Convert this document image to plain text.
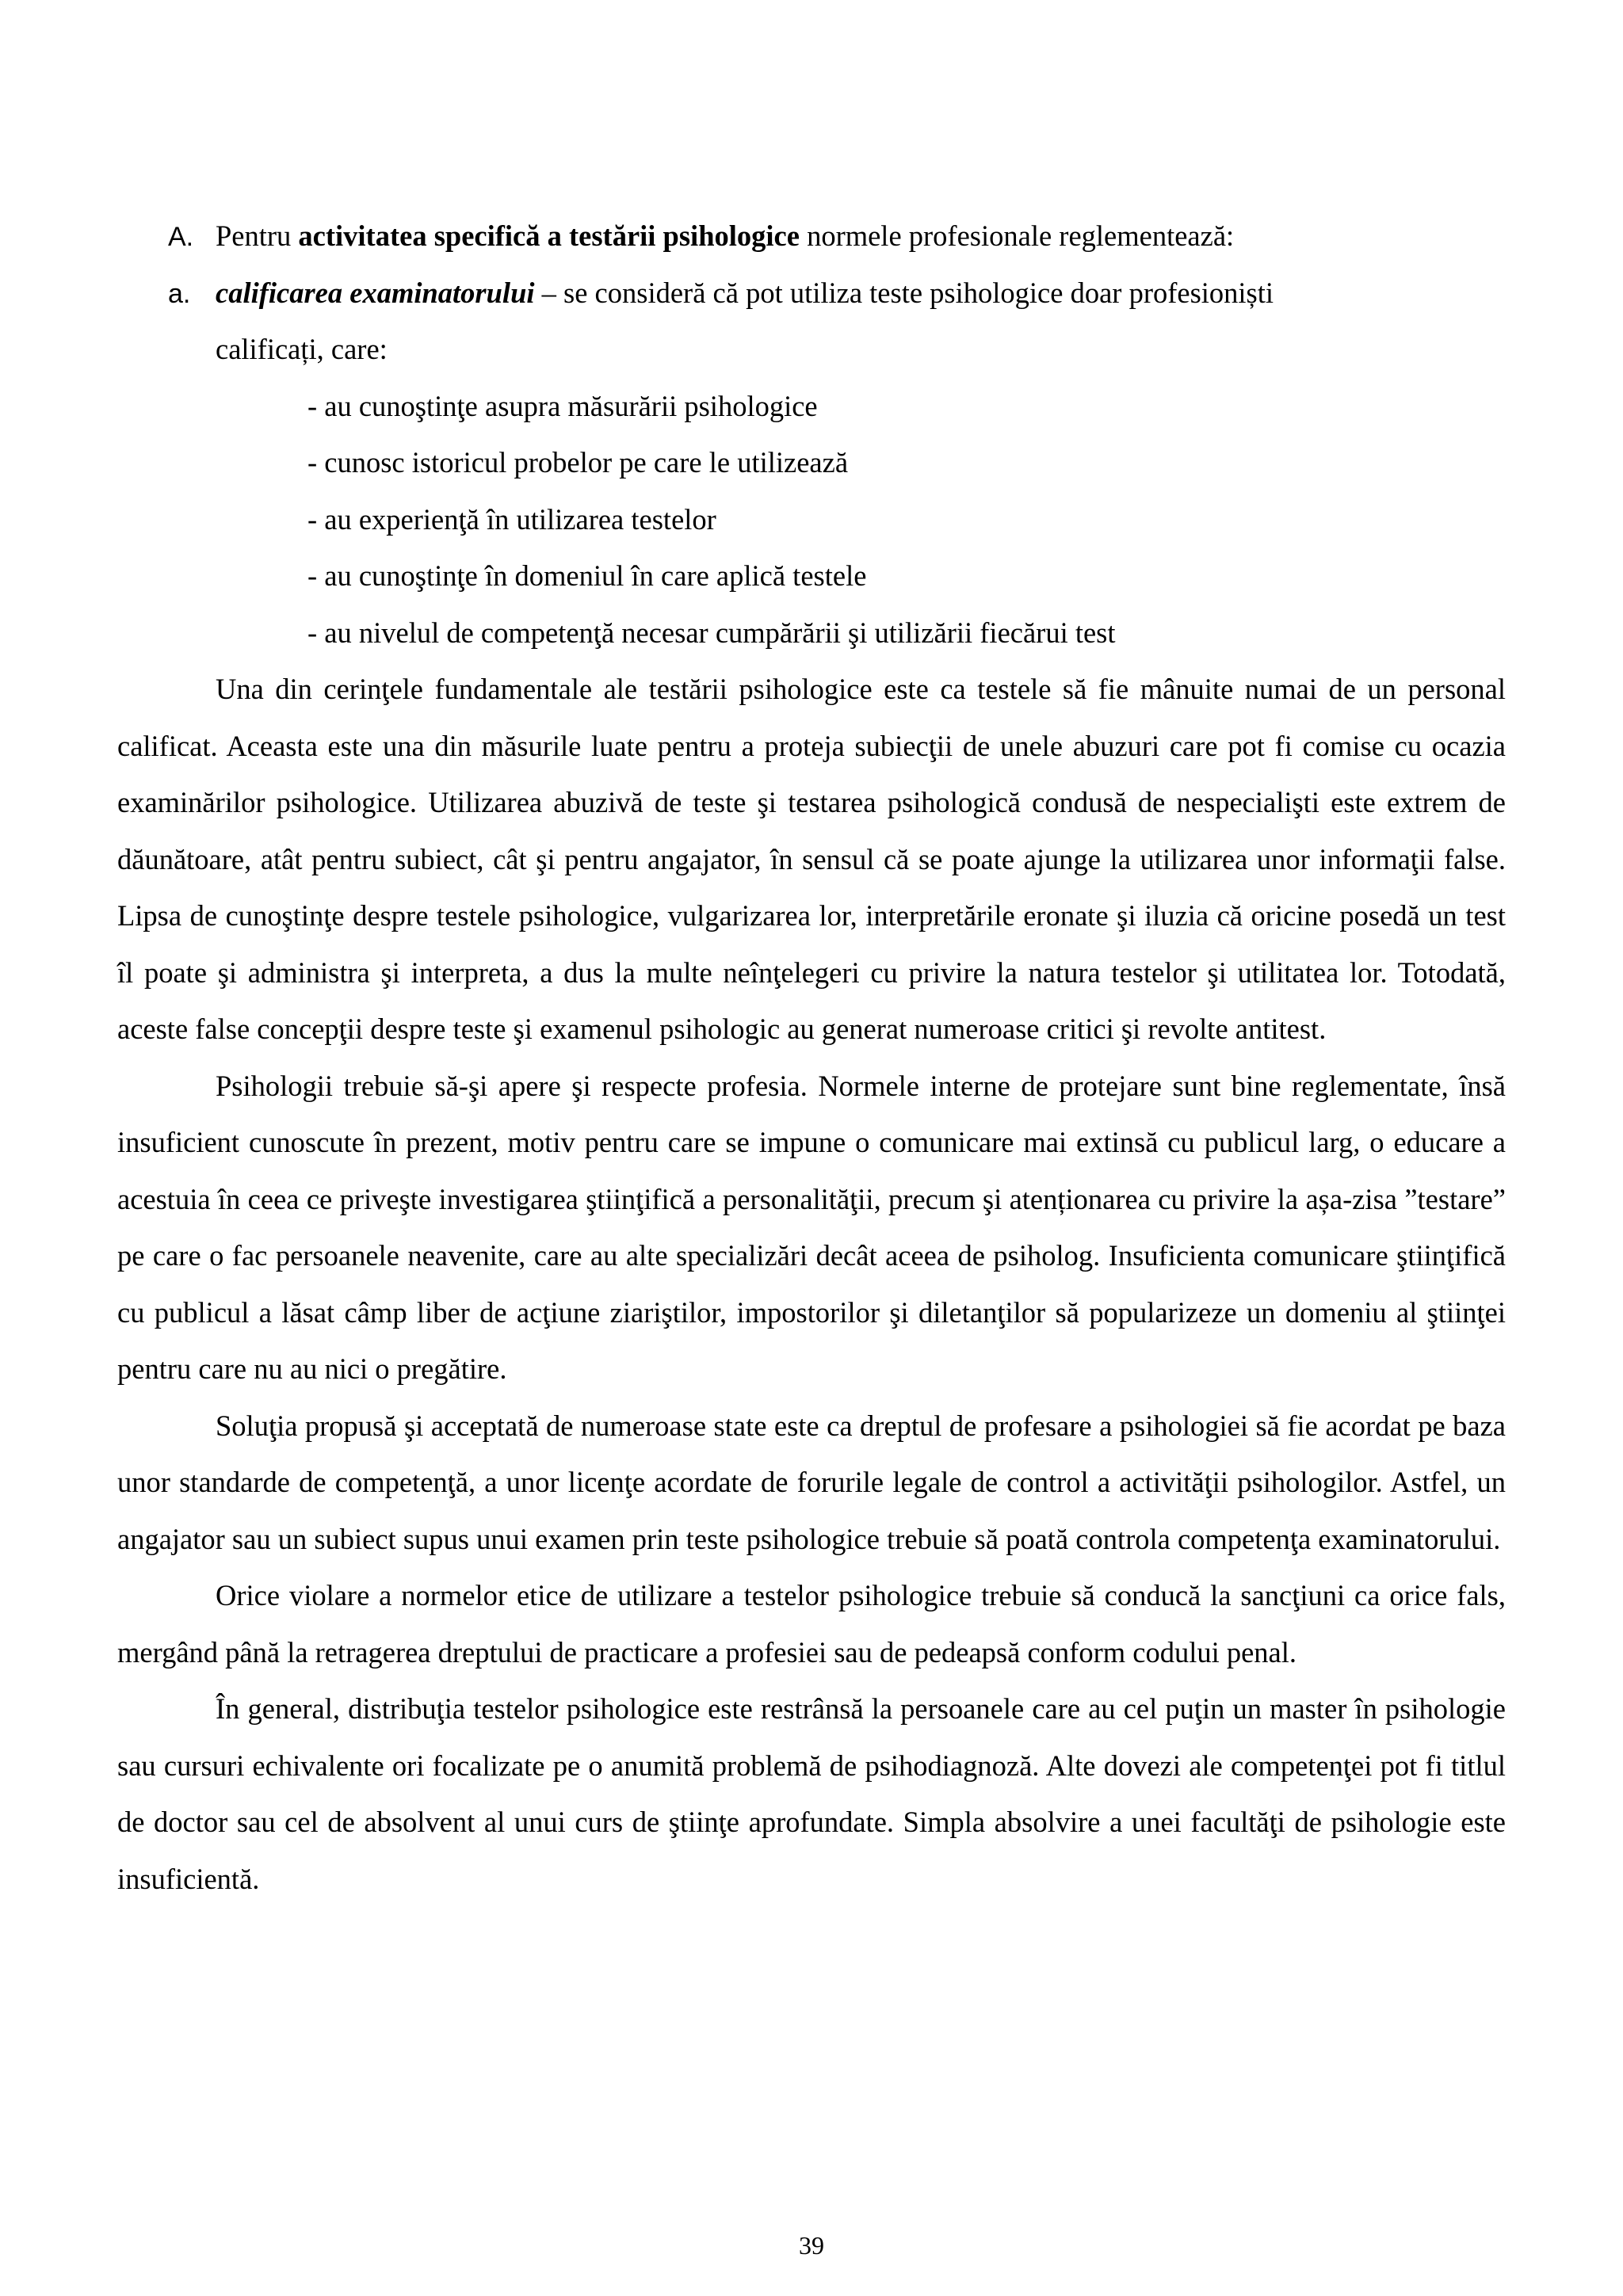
A. Pentru activitatea specifică a testării psihologice normele profesionale reglementează:
a. calificarea examinatorului – se consideră că pot utiliza teste psihologice doar profesioniști
calificați, care:
- au cunoştinţe asupra măsurării psihologice
- cunosc istoricul probelor pe care le utilizează
- au experienţă în utilizarea testelor
- au cunoştinţe în domeniul în care aplică testele
- au nivelul de competenţă necesar cumpărării şi utilizării fiecărui test

Una din cerinţele fundamentale ale testării psihologice este ca testele să fie mânuite numai de un personal calificat. Aceasta este una din măsurile luate pentru a proteja subiecţii de unele abuzuri care pot fi comise cu ocazia examinărilor psihologice. Utilizarea abuzivă de teste şi testarea psihologică condusă de nespecialişti este extrem de dăunătoare, atât pentru subiect, cât şi pentru angajator, în sensul că se poate ajunge la utilizarea unor informaţii false. Lipsa de cunoştinţe despre testele psihologice, vulgarizarea lor, interpretările eronate şi iluzia că oricine posedă un test îl poate şi administra şi interpreta, a dus la multe neînţelegeri cu privire la natura testelor şi utilitatea lor. Totodată, aceste false concepţii despre teste şi examenul psihologic au generat numeroase critici şi revolte antitest.

Psihologii trebuie să-şi apere şi respecte profesia. Normele interne de protejare sunt bine reglementate, însă insuficient cunoscute în prezent, motiv pentru care se impune o comunicare mai extinsă cu publicul larg, o educare a acestuia în ceea ce priveşte investigarea ştiinţifică a personalităţii, precum şi atenționarea cu privire la așa-zisa ”testare” pe care o fac persoanele neavenite, care au alte specializări decât aceea de psiholog. Insuficienta comunicare ştiinţifică cu publicul a lăsat câmp liber de acţiune ziariştilor, impostorilor şi diletanţilor să popularizeze un domeniu al ştiinţei pentru care nu au nici o pregătire.

Soluţia propusă şi acceptată de numeroase state este ca dreptul de profesare a psihologiei să fie acordat pe baza unor standarde de competenţă, a unor licenţe acordate de forurile legale de control a activităţii psihologilor. Astfel, un angajator sau un subiect supus unui examen prin teste psihologice trebuie să poată controla competenţa examinatorului.

Orice violare a normelor etice de utilizare a testelor psihologice trebuie să conducă la sancţiuni ca orice fals, mergând până la retragerea dreptului de practicare a profesiei sau de pedeapsă conform codului penal.

În general, distribuţia testelor psihologice este restrânsă la persoanele care au cel puţin un master în psihologie sau cursuri echivalente ori focalizate pe o anumită problemă de psihodiagnoză. Alte dovezi ale competenţei pot fi titlul de doctor sau cel de absolvent al unui curs de ştiinţe aprofundate. Simpla absolvire a unei facultăţi de psihologie este insuficientă.

39
